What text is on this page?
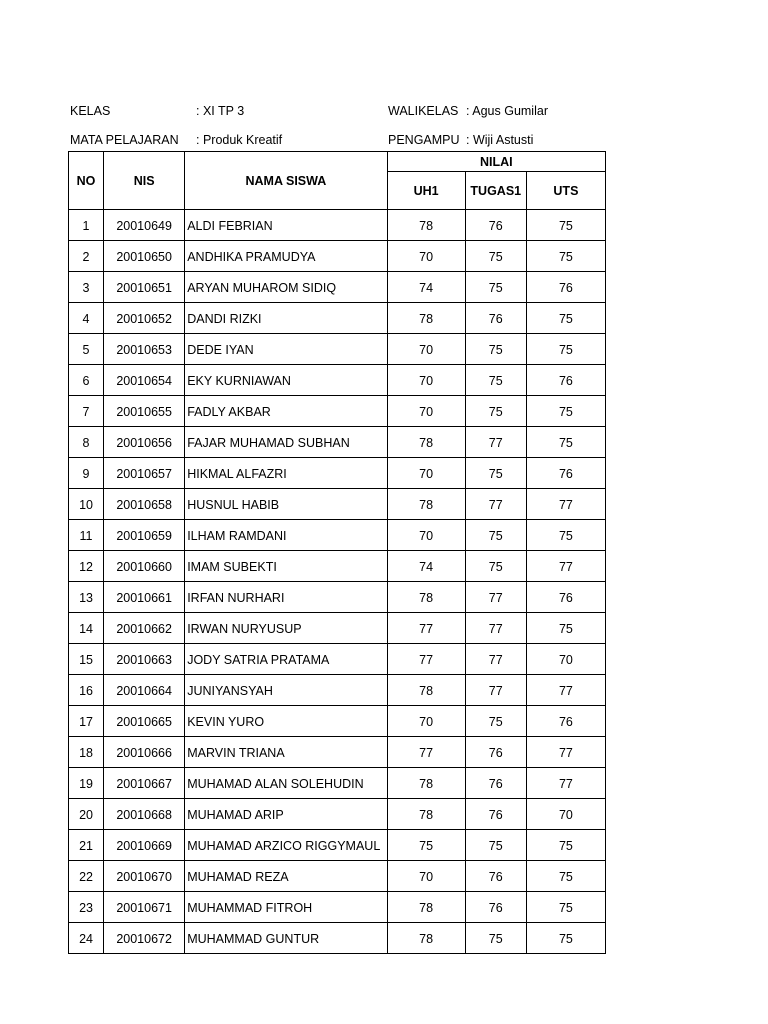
KELAS	: XI TP 3	WALIKELAS : Agus Gumilar
MATA PELAJARAN : Produk Kreatif	PENGAMPU : Wiji Astusti
NO	NIS	NAMA SISWA	NILAI		
			UH1	TUGAS1	UTS
1	20010649	ALDI FEBRIAN	78	76	75
2	20010650	ANDHIKA PRAMUDYA	70	75	75
3	20010651	ARYAN MUHAROM SIDIQ	74	75	76
4	20010652	DANDI RIZKI	78	76	75
5	20010653	DEDE IYAN	70	75	75
6	20010654	EKY KURNIAWAN	70	75	76
7	20010655	FADLY AKBAR	70	75	75
8	20010656	FAJAR MUHAMAD SUBHAN	78	77	75
9	20010657	HIKMAL ALFAZRI	70	75	76
10	20010658	HUSNUL HABIB	78	77	77
11	20010659	ILHAM RAMDANI	70	75	75
12	20010660	IMAM SUBEKTI	74	75	77
13	20010661	IRFAN NURHARI	78	77	76
14	20010662	IRWAN NURYUSUP	77	77	75
15	20010663	JODY SATRIA PRATAMA	77	77	70
16	20010664	JUNIYANSYAH	78	77	77
17	20010665	KEVIN YURO	70	75	76
18	20010666	MARVIN TRIANA	77	76	77
19	20010667	MUHAMAD ALAN SOLEHUDIN	78	76	77
20	20010668	MUHAMAD ARIP	78	76	70
21	20010669	MUHAMAD ARZICO RIGGYMAUL	75	75	75
22	20010670	MUHAMAD REZA	70	76	75
23	20010671	MUHAMMAD FITROH	78	76	75
24	20010672	MUHAMMAD GUNTUR	78	75	75
